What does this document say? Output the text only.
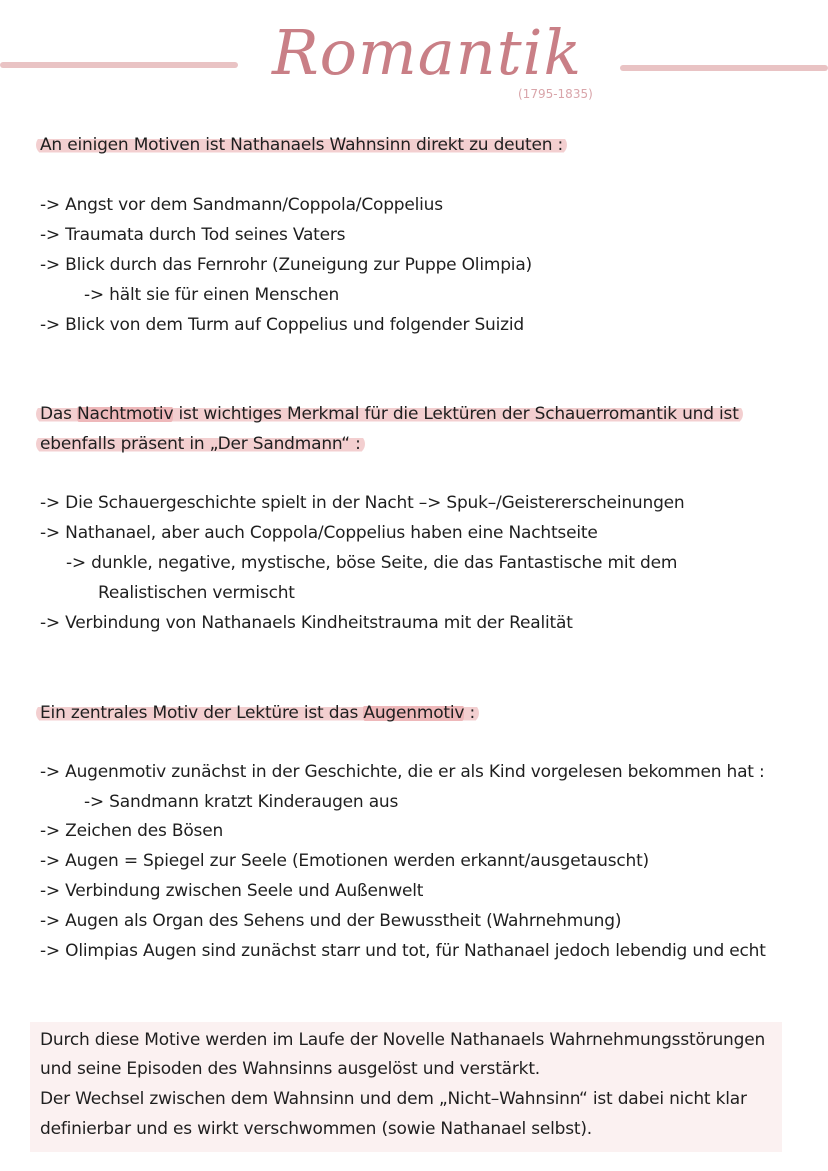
Romantik
(1795-1835)
An einigen Motiven ist Nathanaels Wahnsinn direkt zu deuten :
-> Angst vor dem Sandmann/Coppola/Coppelius
-> Traumata durch Tod seines Vaters
-> Blick durch das Fernrohr (Zuneigung zur Puppe Olimpia)
-> hält sie für einen Menschen
-> Blick von dem Turm auf Coppelius und folgender Suizid
Das Nachtmotiv ist wichtiges Merkmal für die Lektüren der Schauerromantik und ist
ebenfalls präsent in „Der Sandmann“ :
-> Die Schauergeschichte spielt in der Nacht –> Spuk–/Geistererscheinungen
-> Nathanael, aber auch Coppola/Coppelius haben eine Nachtseite
-> dunkle, negative, mystische, böse Seite, die das Fantastische mit dem
Realistischen vermischt
-> Verbindung von Nathanaels Kindheitstrauma mit der Realität
Ein zentrales Motiv der Lektüre ist das Augenmotiv :
-> Augenmotiv zunächst in der Geschichte, die er als Kind vorgelesen bekommen hat :
-> Sandmann kratzt Kinderaugen aus
-> Zeichen des Bösen
-> Augen = Spiegel zur Seele (Emotionen werden erkannt/ausgetauscht)
-> Verbindung zwischen Seele und Außenwelt
-> Augen als Organ des Sehens und der Bewusstheit (Wahrnehmung)
-> Olimpias Augen sind zunächst starr und tot, für Nathanael jedoch lebendig und echt
Durch diese Motive werden im Laufe der Novelle Nathanaels Wahrnehmungsstörungen
und seine Episoden des Wahnsinns ausgelöst und verstärkt.
Der Wechsel zwischen dem Wahnsinn und dem „Nicht–Wahnsinn“ ist dabei nicht klar
definierbar und es wirkt verschwommen (sowie Nathanael selbst).
